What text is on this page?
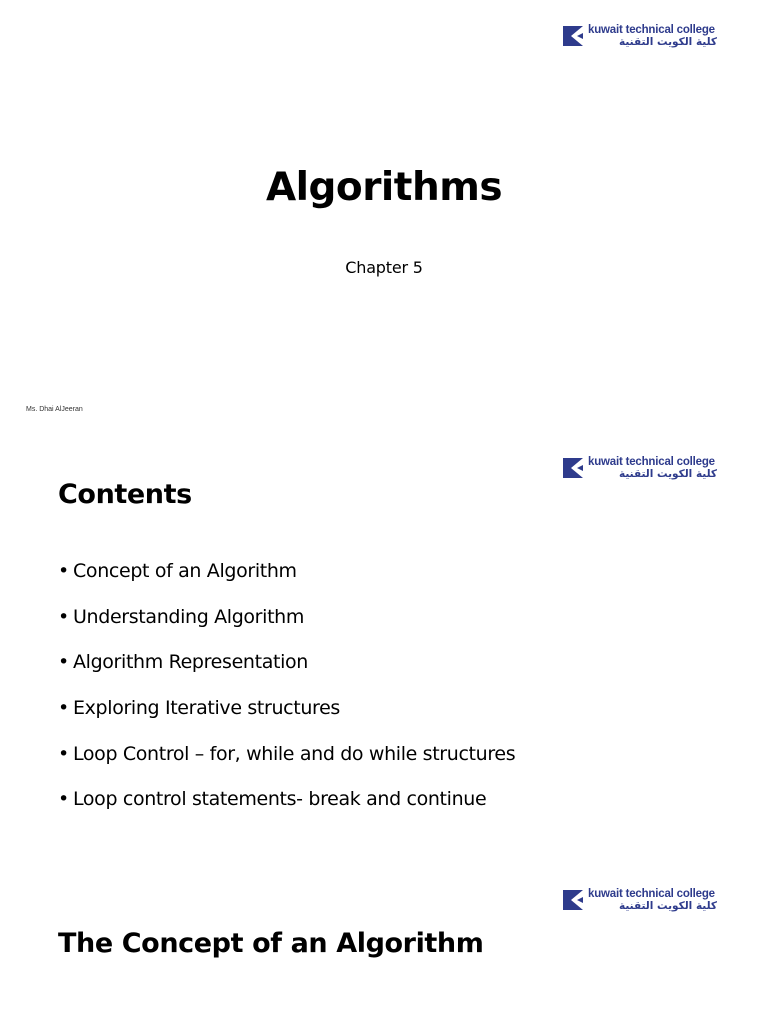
kuwait technical college
كلية الكويت التقنية
Algorithms
Chapter 5
Ms. Dhai AlJeeran
kuwait technical college
كلية الكويت التقنية
Contents
• Concept of an Algorithm
• Understanding Algorithm
• Algorithm Representation
• Exploring Iterative structures
• Loop Control – for, while and do while structures
• Loop control statements- break and continue
kuwait technical college
كلية الكويت التقنية
The Concept of an Algorithm
